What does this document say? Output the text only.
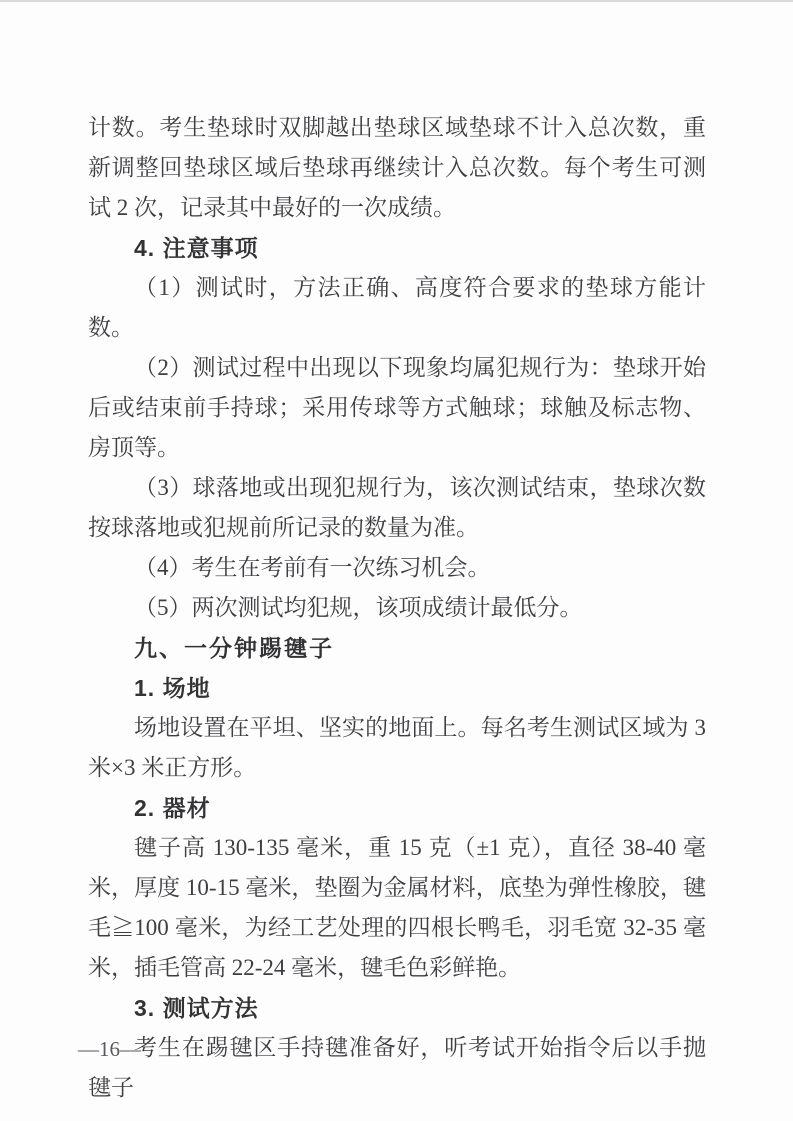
计数。考生垫球时双脚越出垫球区域垫球不计入总次数，重新调整回垫球区域后垫球再继续计入总次数。每个考生可测试 2 次，记录其中最好的一次成绩。

4. 注意事项

（1）测试时，方法正确、高度符合要求的垫球方能计数。

（2）测试过程中出现以下现象均属犯规行为：垫球开始后或结束前手持球；采用传球等方式触球；球触及标志物、房顶等。

（3）球落地或出现犯规行为，该次测试结束，垫球次数按球落地或犯规前所记录的数量为准。

（4）考生在考前有一次练习机会。

（5）两次测试均犯规，该项成绩计最低分。

九、一分钟踢毽子
1. 场地

场地设置在平坦、坚实的地面上。每名考生测试区域为 3 米×3 米正方形。

2. 器材

毽子高 130-135 毫米，重 15 克（±1 克），直径 38-40 毫米，厚度 10-15 毫米，垫圈为金属材料，底垫为弹性橡胶，毽毛≧100 毫米，为经工艺处理的四根长鸭毛，羽毛宽 32-35 毫米，插毛管高 22-24 毫米，毽毛色彩鲜艳。

3. 测试方法

考生在踢毽区手持毽准备好，听考试开始指令后以手抛毽子

—16—
